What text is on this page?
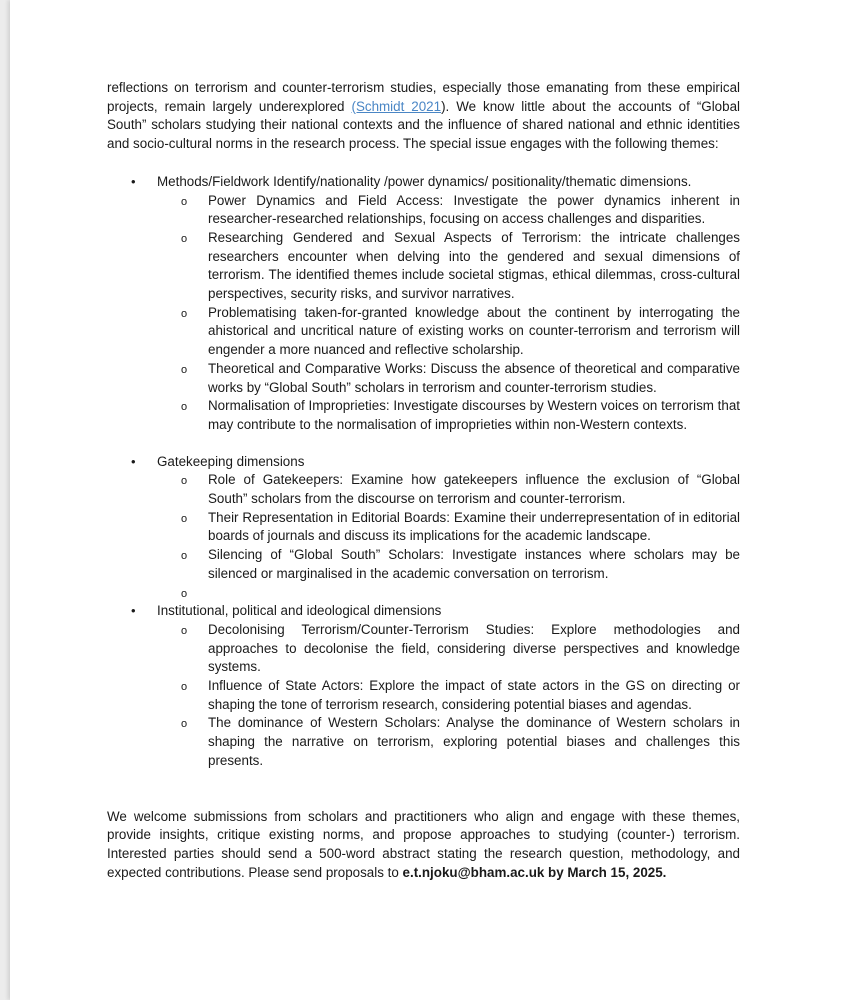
reflections on terrorism and counter-terrorism studies, especially those emanating from these empirical projects, remain largely underexplored (Schmidt 2021). We know little about the accounts of “Global South” scholars studying their national contexts and the influence of shared national and ethnic identities and socio-cultural norms in the research process. The special issue engages with the following themes:

• Methods/Fieldwork Identify/nationality /power dynamics/ positionality/thematic dimensions.
o Power Dynamics and Field Access: Investigate the power dynamics inherent in researcher-researched relationships, focusing on access challenges and disparities.
o Researching Gendered and Sexual Aspects of Terrorism: the intricate challenges researchers encounter when delving into the gendered and sexual dimensions of terrorism. The identified themes include societal stigmas, ethical dilemmas, cross-cultural perspectives, security risks, and survivor narratives.
o Problematising taken-for-granted knowledge about the continent by interrogating the ahistorical and uncritical nature of existing works on counter-terrorism and terrorism will engender a more nuanced and reflective scholarship.
o Theoretical and Comparative Works: Discuss the absence of theoretical and comparative works by “Global South” scholars in terrorism and counter-terrorism studies.
o Normalisation of Improprieties: Investigate discourses by Western voices on terrorism that may contribute to the normalisation of improprieties within non-Western contexts.
• Gatekeeping dimensions
o Role of Gatekeepers: Examine how gatekeepers influence the exclusion of “Global South” scholars from the discourse on terrorism and counter-terrorism.
o Their Representation in Editorial Boards: Examine their underrepresentation of in editorial boards of journals and discuss its implications for the academic landscape.
o Silencing of “Global South” Scholars: Investigate instances where scholars may be silenced or marginalised in the academic conversation on terrorism.
o
• Institutional, political and ideological dimensions
o Decolonising Terrorism/Counter-Terrorism Studies: Explore methodologies and approaches to decolonise the field, considering diverse perspectives and knowledge systems.
o Influence of State Actors: Explore the impact of state actors in the GS on directing or shaping the tone of terrorism research, considering potential biases and agendas.
o The dominance of Western Scholars: Analyse the dominance of Western scholars in shaping the narrative on terrorism, exploring potential biases and challenges this presents.

We welcome submissions from scholars and practitioners who align and engage with these themes, provide insights, critique existing norms, and propose approaches to studying (counter-) terrorism. Interested parties should send a 500-word abstract stating the research question, methodology, and expected contributions. Please send proposals to e.t.njoku@bham.ac.uk by March 15, 2025.
